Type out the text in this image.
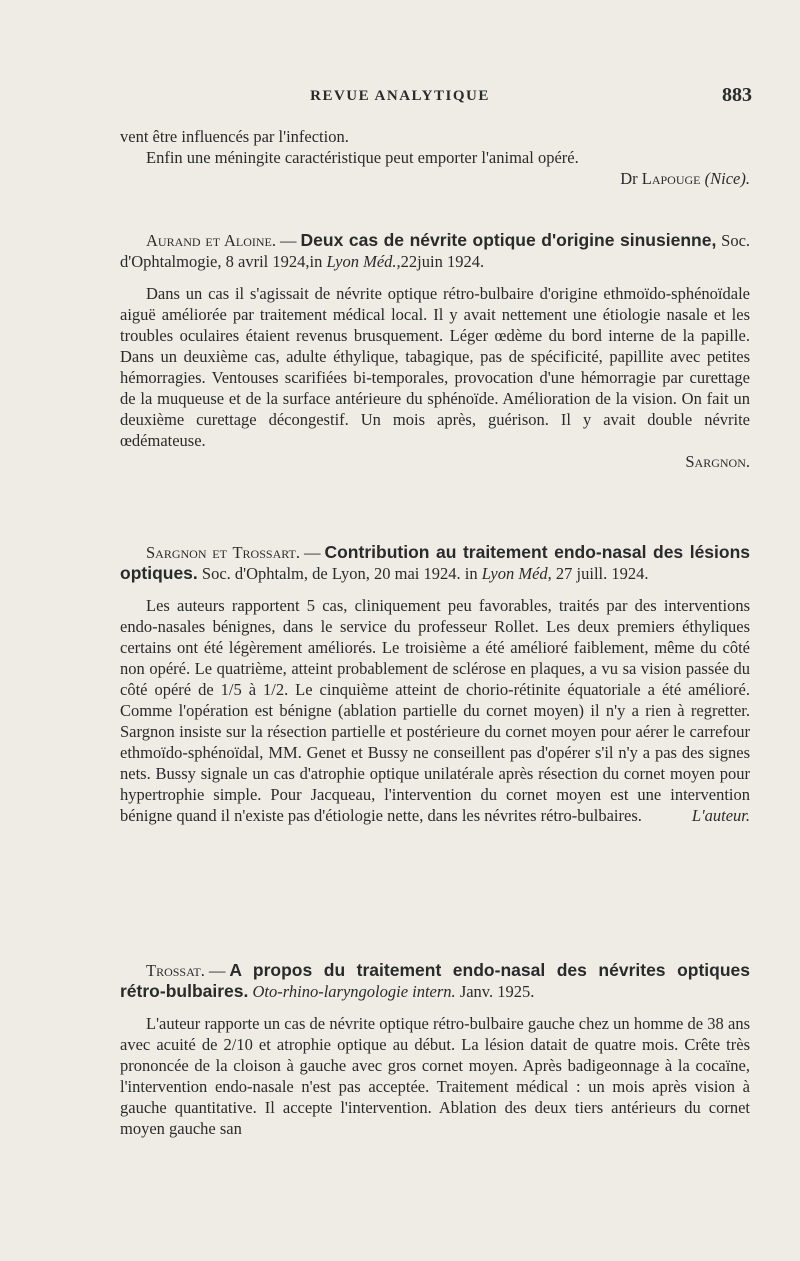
REVUE ANALYTIQUE	883

vent être influencés par l'infection.

Enfin une méningite caractéristique peut emporter l'animal opéré.

Dr Lapouge (Nice).

Aurand et Aloine. — Deux cas de névrite optique d'origine sinusienne, Soc. d'Ophtalmogie, 8 avril 1924,in Lyon Méd.,22juin 1924.

Dans un cas il s'agissait de névrite optique rétro-bulbaire d'origine ethmoïdo-sphénoïdale aiguë améliorée par traitement médical local. Il y avait nettement une étiologie nasale et les troubles oculaires étaient revenus brusquement. Léger œdème du bord interne de la papille. Dans un deuxième cas, adulte éthylique, tabagique, pas de spécificité, papillite avec petites hémorragies. Ventouses scarifiées bi-temporales, provocation d'une hémorragie par curettage de la muqueuse et de la surface antérieure du sphénoïde. Amélioration de la vision. On fait un deuxième curettage décongestif. Un mois après, guérison. Il y avait double névrite œdémateuse.

Sargnon.

Sargnon et Trossart. — Contribution au traitement endo-nasal des lésions optiques. Soc. d'Ophtalm, de Lyon, 20 mai 1924. in Lyon Méd, 27 juill. 1924.

Les auteurs rapportent 5 cas, cliniquement peu favorables, traités par des interventions endo-nasales bénignes, dans le service du professeur Rollet. Les deux premiers éthyliques certains ont été légèrement améliorés. Le troisième a été amélioré faiblement, même du côté non opéré. Le quatrième, atteint probablement de sclérose en plaques, a vu sa vision passée du côté opéré de 1/5 à 1/2. Le cinquième atteint de chorio-rétinite équatoriale a été amélioré. Comme l'opération est bénigne (ablation partielle du cornet moyen) il n'y a rien à regretter. Sargnon insiste sur la résection partielle et postérieure du cornet moyen pour aérer le carrefour ethmoïdo-sphénoïdal, MM. Genet et Bussy ne conseillent pas d'opérer s'il n'y a pas des signes nets. Bussy signale un cas d'atrophie optique unilatérale après résection du cornet moyen pour hypertrophie simple. Pour Jacqueau, l'intervention du cornet moyen est une intervention bénigne quand il n'existe pas d'étiologie nette, dans les névrites rétro-bulbaires.	L'auteur.

Trossat. — A propos du traitement endo-nasal des névrites optiques rétro-bulbaires. Oto-rhino-laryngologie intern. Janv. 1925.

L'auteur rapporte un cas de névrite optique rétro-bulbaire gauche chez un homme de 38 ans avec acuité de 2/10 et atrophie optique au début. La lésion datait de quatre mois. Crête très prononcée de la cloison à gauche avec gros cornet moyen. Après badigeonnage à la cocaïne, l'intervention endo-nasale n'est pas acceptée. Traitement médical : un mois après vision à gauche quantitative. Il accepte l'intervention. Ablation des deux tiers antérieurs du cornet moyen gauche san
